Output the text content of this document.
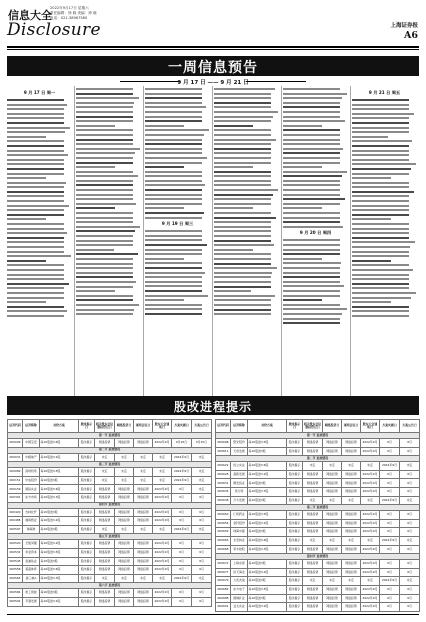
信息大全
2022年9月17日 星期六
责任编辑：徐 晓 美编：徐 晓
电话：021-38967580
Disclosure	上海证券报
A6
一周信息预告
9 月 17 日 —— 9 月 21 日
9 月 17 日 周一
9 月 19 日 周三
9 月 20 日 周四
9 月 21 日 周五
股改进程提示
证券代码	证券简称	对价方案	股改提示日	相关股东会议股权登记日	网络投票日	现场会议日	股东大会通知日	方案实施日	方案公告日
第一节 进展情况									
000009	中国宝安	每10股送3.6股	股改提示	网络投票	网络投票	网络投票	2022年9月	9月25日	9月25日
第二节 进展情况									
000031	中粮地产	每10股送3.2股	股改提示	未定	未定	未定	未定	2022年9月	未定
第三节 进展情况									
000089	深圳机场	每10股送3.5股	股改提示	未定	未定	未定	未定	2022年9月	未定
000151	中成股份	每10股送3股	股改提示	未定	未定	未定	未定	2022年9月	未定
000159	国际实业	每10股送3.6股	股改提示	网络投票	网络投票	网络投票	2022年9月	9月	未定
000301	东方市场	每10股送3.3股	股改提示	网络投票	网络投票	网络投票	2022年9月	9月	9月
第四节 进展情况									
000420	吉林化纤	每10股送3股	股改提示	网络投票	网络投票	网络投票	2022年9月	9月	9月
000488	晨鸣纸业	每10股送3.2股	股改提示	网络投票	网络投票	网络投票	2022年9月	9月	9月
000507	珠海港	每10股送3股	股改提示	未定	未定	未定	未定	2022年9月	未定
第五节 进展情况									
000520	长航凤凰	每10股送3.2股	股改提示	网络投票	网络投票	网络投票	2022年9月	9月	9月
000532	华金资本	每10股送3.5股	股改提示	网络投票	网络投票	网络投票	2022年9月	9月	9月
000545	金浦钛业	每10股送3股	股改提示	网络投票	网络投票	网络投票	2022年9月	9月	9月
000558	莱茵体育	每10股送3.6股	股改提示	网络投票	网络投票	网络投票	2022年9月	9月	9月
000565	渝三峡A	每10股送3.3股	股改提示	未定	未定	未定	未定	2022年9月	未定
第六节 进展情况									
000584	哈工智能	每10股送3股	股改提示	网络投票	网络投票	网络投票	2022年9月	9月	9月
000592	平潭发展	每10股送3.2股	股改提示	网络投票	网络投票	网络投票	2022年9月	9月	9月
证券代码	证券简称	对价方案	股改提示日	相关股东会议股权登记日	网络投票日	现场会议日	股东大会通知日	方案实施日	方案公告日
第一节 进展情况									
000608	阳光股份	每10股送3.5股	股改提示	网络投票	网络投票	网络投票	2022年9月	9月	9月
000611	天首发展	每10股送3股	股改提示	网络投票	网络投票	网络投票	2022年9月	9月	9月
第二节 进展情况									
000622	恒立实业	每10股送3.6股	股改提示	未定	未定	未定	未定	2022年9月	未定
000628	高新发展	每10股送3.2股	股改提示	网络投票	网络投票	网络投票	2022年9月	9月	9月
000631	顺发恒业	每10股送3股	股改提示	网络投票	网络投票	网络投票	2022年9月	9月	9月
000635	英力特	每10股送3.3股	股改提示	网络投票	网络投票	网络投票	2022年9月	9月	9月
000638	万方发展	每10股送3股	股改提示	未定	未定	未定	未定	2022年9月	未定
第三节 进展情况									
000650	仁和药业	每10股送3.5股	股改提示	网络投票	网络投票	网络投票	2022年9月	9月	9月
000656	金科股份	每10股送3.2股	股改提示	网络投票	网络投票	网络投票	2022年9月	9月	9月
000659	珠海中富	每10股送3股	股改提示	网络投票	网络投票	网络投票	2022年9月	9月	9月
000663	永安林业	每10股送3.6股	股改提示	未定	未定	未定	未定	2022年9月	未定
000668	荣丰控股	每10股送3.3股	股改提示	网络投票	网络投票	网络投票	2022年9月	9月	9月
第四节 进展情况									
000672	上峰水泥	每10股送3股	股改提示	网络投票	网络投票	网络投票	2022年9月	9月	9月
000677	恒天海龙	每10股送3.2股	股改提示	网络投票	网络投票	网络投票	2022年9月	9月	9月
000679	大连友谊	每10股送3股	股改提示	未定	未定	未定	未定	2022年9月	未定
000682	东方电子	每10股送3.5股	股改提示	网络投票	网络投票	网络投票	2022年9月	9月	9月
000688	国城矿业	每10股送3股	股改提示	网络投票	网络投票	网络投票	2022年9月	9月	9月
000691	亚太实业	每10股送3.2股	股改提示	网络投票	网络投票	网络投票	2022年9月	9月	9月
